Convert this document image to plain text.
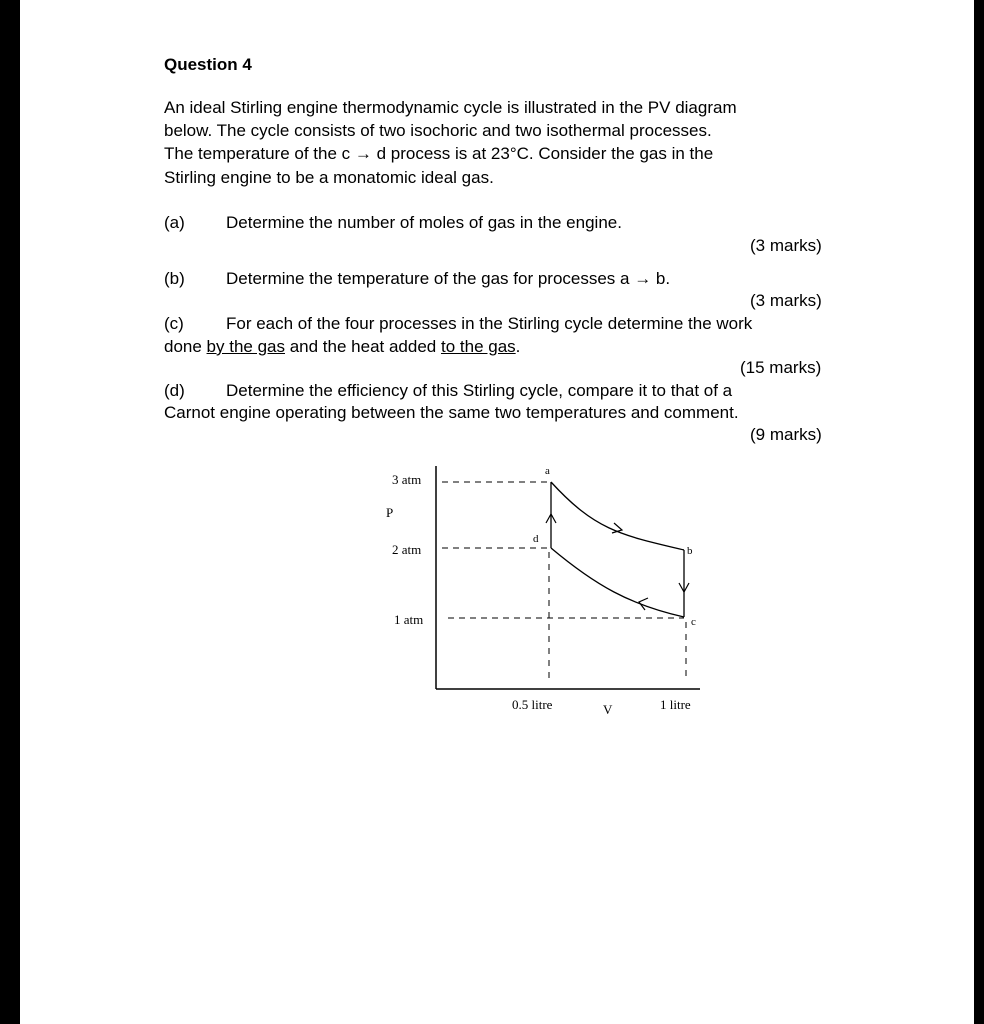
Question 4
An ideal Stirling engine thermodynamic cycle is illustrated in the PV diagram
below. The cycle consists of two isochoric and two isothermal processes.
The temperature of the c → d process is at 23°C. Consider the gas in the
Stirling engine to be a monatomic ideal gas.
(a) Determine the number of moles of gas in the engine.
(3 marks)
(b) Determine the temperature of the gas for processes a → b.
(3 marks)
(c) For each of the four processes in the Stirling cycle determine the work
done by the gas and the heat added to the gas.
(15 marks)
(d) Determine the efficiency of this Stirling cycle, compare it to that of a
Carnot engine operating between the same two temperatures and comment.
(9 marks)
3 atm
P
2 atm
1 atm
a
b
c
d
0.5 litre	V	1 litre
